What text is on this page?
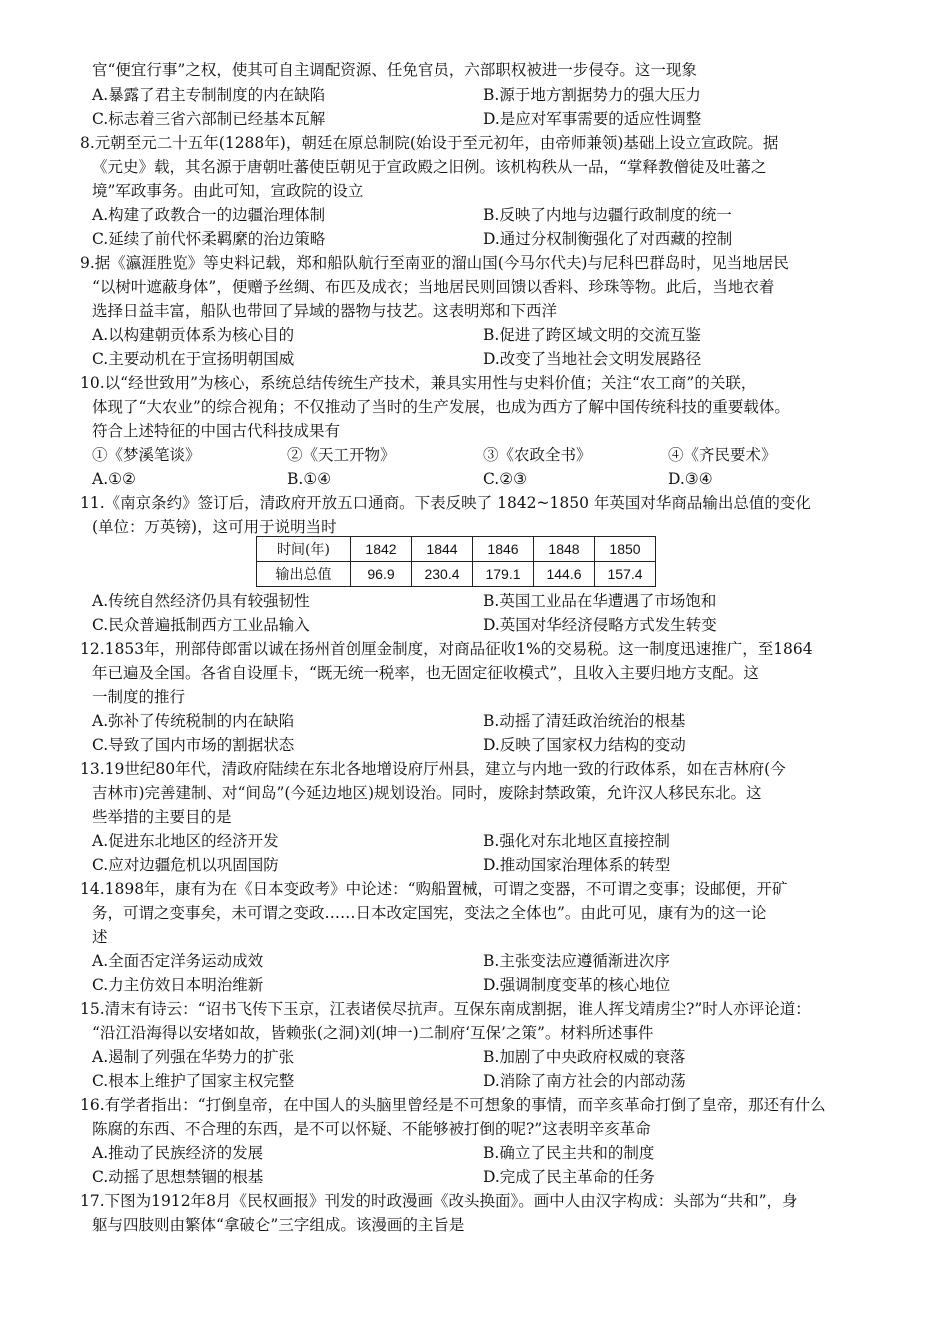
官“便宜行事”之权，使其可自主调配资源、任免官员，六部职权被进一步侵夺。这一现象
A.暴露了君主专制制度的内在缺陷	B.源于地方割据势力的强大压力
C.标志着三省六部制已经基本瓦解	D.是应对军事需要的适应性调整
8.元朝至元二十五年(1288年)，朝廷在原总制院(始设于至元初年，由帝师兼领)基础上设立宣政院。据
《元史》载，其名源于唐朝吐蕃使臣朝见于宣政殿之旧例。该机构秩从一品，“掌释教僧徒及吐蕃之
境”军政事务。由此可知，宣政院的设立
A.构建了政教合一的边疆治理体制	B.反映了内地与边疆行政制度的统一
C.延续了前代怀柔羁縻的治边策略	D.通过分权制衡强化了对西藏的控制
9.据《瀛涯胜览》等史料记载，郑和船队航行至南亚的溜山国(今马尔代夫)与尼科巴群岛时，见当地居民
“以树叶遮蔽身体”，便赠予丝绸、布匹及成衣；当地居民则回馈以香料、珍珠等物。此后，当地衣着
选择日益丰富，船队也带回了异域的器物与技艺。这表明郑和下西洋
A.以构建朝贡体系为核心目的	B.促进了跨区域文明的交流互鉴
C.主要动机在于宣扬明朝国威	D.改变了当地社会文明发展路径
10.以“经世致用”为核心，系统总结传统生产技术，兼具实用性与史料价值；关注“农工商”的关联，
体现了“大农业”的综合视角；不仅推动了当时的生产发展，也成为西方了解中国传统科技的重要载体。
符合上述特征的中国古代科技成果有
①《梦溪笔谈》	②《天工开物》	③《农政全书》	④《齐民要术》
A.①②	B.①④	C.②③	D.③④
11.《南京条约》签订后，清政府开放五口通商。下表反映了 1842~1850 年英国对华商品输出总值的变化
(单位：万英镑)，这可用于说明当时
时间(年)	1842	1844	1846	1848	1850
输出总值	96.9	230.4	179.1	144.6	157.4
A.传统自然经济仍具有较强韧性	B.英国工业品在华遭遇了市场饱和
C.民众普遍抵制西方工业品输入	D.英国对华经济侵略方式发生转变
12.1853年，刑部侍郎雷以诚在扬州首创厘金制度，对商品征收1%的交易税。这一制度迅速推广，至1864
年已遍及全国。各省自设厘卡，“既无统一税率，也无固定征收模式”，且收入主要归地方支配。这
一制度的推行
A.弥补了传统税制的内在缺陷	B.动摇了清廷政治统治的根基
C.导致了国内市场的割据状态	D.反映了国家权力结构的变动
13.19世纪80年代，清政府陆续在东北各地增设府厅州县，建立与内地一致的行政体系，如在吉林府(今
吉林市)完善建制、对“间岛”(今延边地区)规划设治。同时，废除封禁政策，允许汉人移民东北。这
些举措的主要目的是
A.促进东北地区的经济开发	B.强化对东北地区直接控制
C.应对边疆危机以巩固国防	D.推动国家治理体系的转型
14.1898年，康有为在《日本变政考》中论述：“购船置械，可谓之变器，不可谓之变事；设邮便，开矿
务，可谓之变事矣，未可谓之变政……日本改定国宪，变法之全体也”。由此可见，康有为的这一论
述
A.全面否定洋务运动成效	B.主张变法应遵循渐进次序
C.力主仿效日本明治维新	D.强调制度变革的核心地位
15.清末有诗云：“诏书飞传下玉京，江表诸侯尽抗声。互保东南成割据，谁人挥戈靖虏尘?”时人亦评论道：
“沿江沿海得以安堵如故，皆赖张(之洞)刘(坤一)二制府‘互保’之策”。材料所述事件
A.遏制了列强在华势力的扩张	B.加剧了中央政府权威的衰落
C.根本上维护了国家主权完整	D.消除了南方社会的内部动荡
16.有学者指出：“打倒皇帝，在中国人的头脑里曾经是不可想象的事情，而辛亥革命打倒了皇帝，那还有什么
陈腐的东西、不合理的东西，是不可以怀疑、不能够被打倒的呢?”这表明辛亥革命
A.推动了民族经济的发展	B.确立了民主共和的制度
C.动摇了思想禁锢的根基	D.完成了民主革命的任务
17.下图为1912年8月《民权画报》刊发的时政漫画《改头换面》。画中人由汉字构成：头部为“共和”，身
躯与四肢则由繁体“拿破仑”三字组成。该漫画的主旨是
